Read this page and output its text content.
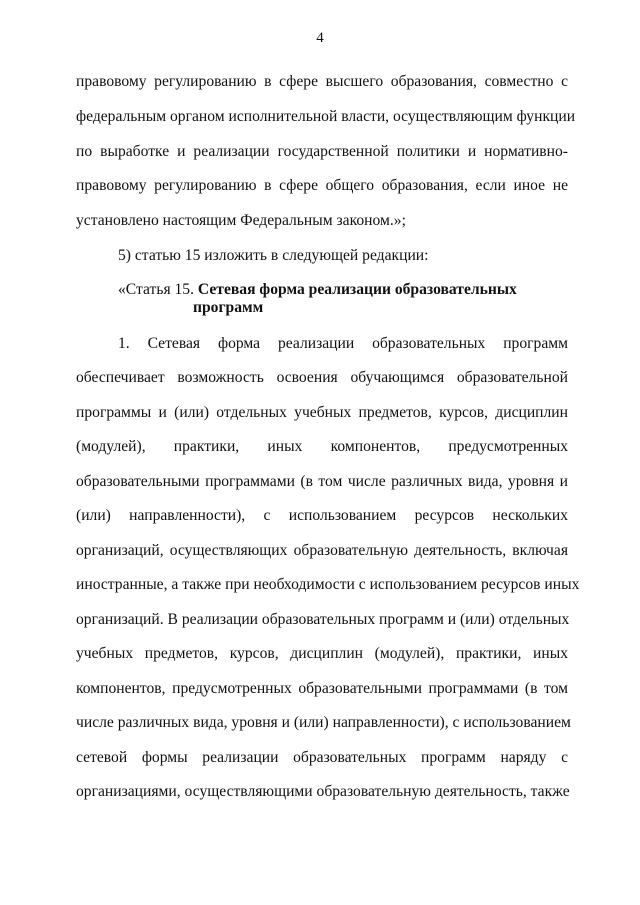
4
правовому регулированию в сфере высшего образования, совместно с
федеральным органом исполнительной власти, осуществляющим функции
по выработке и реализации государственной политики и нормативно-
правовому регулированию в сфере общего образования, если иное не
установлено настоящим Федеральным законом.»;
5) статью 15 изложить в следующей редакции:
«Статья 15. Сетевая форма реализации образовательных
программ
1. Сетевая форма реализации образовательных программ
обеспечивает возможность освоения обучающимся образовательной
программы и (или) отдельных учебных предметов, курсов, дисциплин
(модулей), практики, иных компонентов, предусмотренных
образовательными программами (в том числе различных вида, уровня и
(или) направленности), с использованием ресурсов нескольких
организаций, осуществляющих образовательную деятельность, включая
иностранные, а также при необходимости с использованием ресурсов иных
организаций. В реализации образовательных программ и (или) отдельных
учебных предметов, курсов, дисциплин (модулей), практики, иных
компонентов, предусмотренных образовательными программами (в том
числе различных вида, уровня и (или) направленности), с использованием
сетевой формы реализации образовательных программ наряду с
организациями, осуществляющими образовательную деятельность, также
